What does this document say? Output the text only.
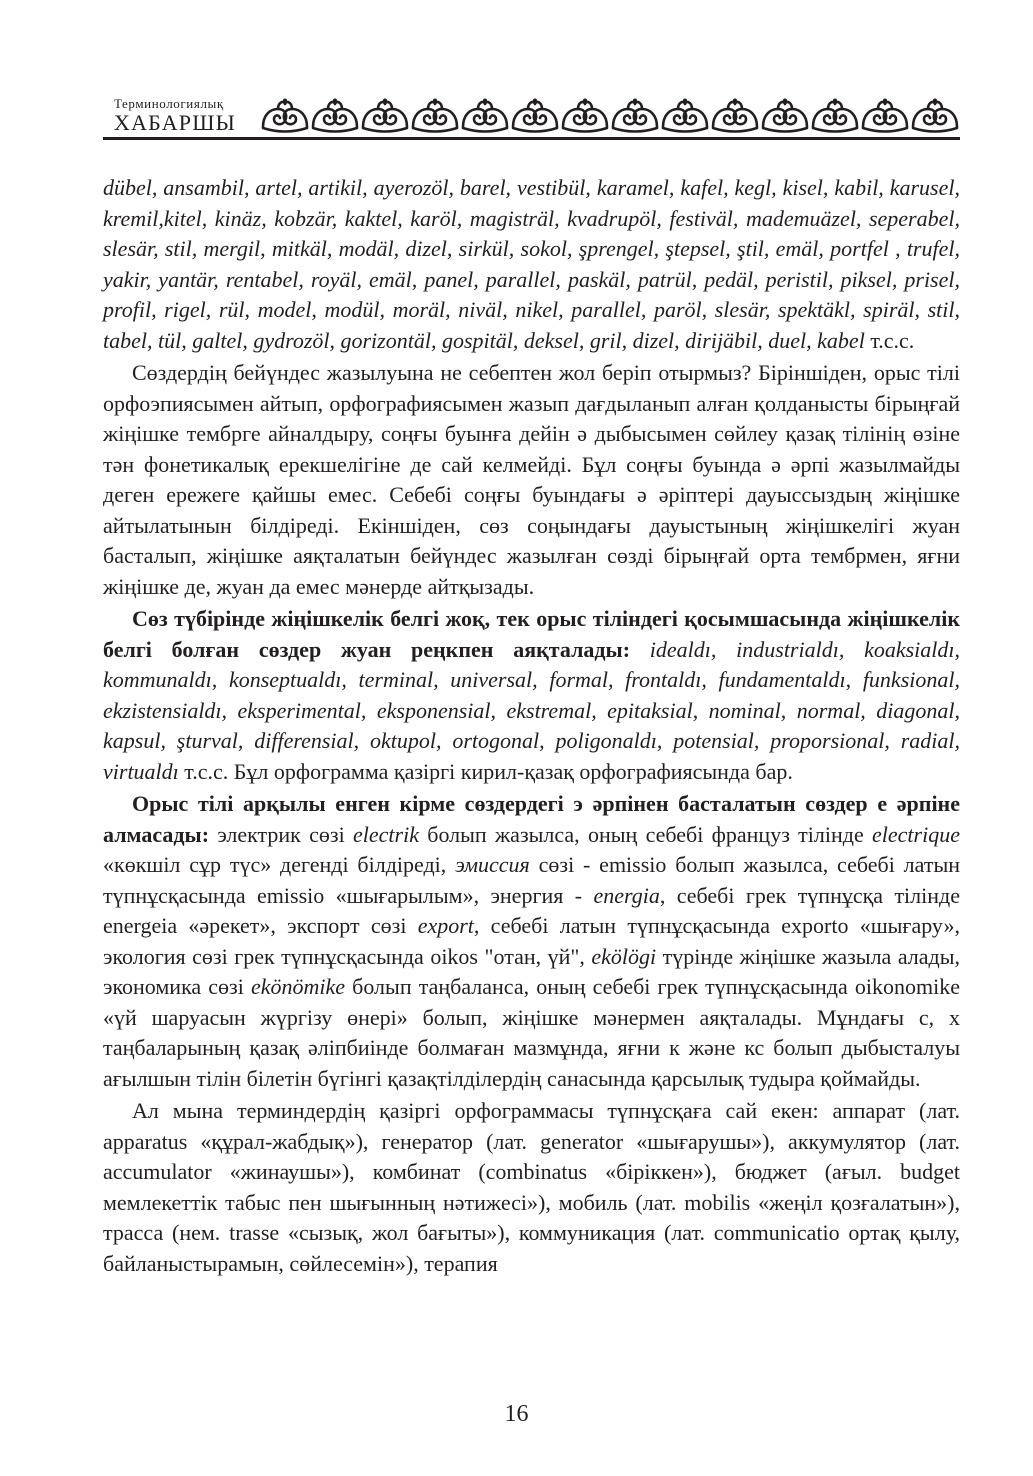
Терминологиялық
ХАБАРШЫ

dübel, ansambil, artel, artikil, ayerozöl, barel, vestibül, karamel, kafel, kegl, kisel, kabil, karusel, kremil,kitel, kinäz, kobzär, kaktel, karöl, magisträl, kvadrupöl, festiväl, mademuäzel, seperabel, slesär, stil, mergil, mitkäl, modäl, dizel, sirkül, sokol, şprengel, ştepsel, ştil, emäl, portfel , trufel, yakir, yantär, rentabel, royäl, emäl, panel, parallel, paskäl, patrül, pedäl, peristil, piksel, prisel, profil, rigel, rül, model, modül, moräl, niväl, nikel, parallel, paröl, slesär, spektäkl, spiräl, stil, tabel, tül, galtel, gydrozöl, gorizontäl, gospitäl, deksel, gril, dizel, dirijäbil, duel, kabel т.с.с.

Сөздердің бейүндес жазылуына не себептен жол беріп отырмыз? Біріншіден, орыс тілі орфоэпиясымен айтып, орфографиясымен жазып дағдыланып алған қолданысты бірыңғай жіңішке тембрге айналдыру, соңғы буынға дейін ә дыбысымен сөйлеу қазақ тілінің өзіне тән фонетикалық ерекшелігіне де сай келмейді. Бұл соңғы буында ә әрпі жазылмайды деген ережеге қайшы емес. Себебі соңғы буындағы ә әріптері дауыссыздың жіңішке айтылатынын білдіреді. Екіншіден, сөз соңындағы дауыстының жіңішкелігі жуан басталып, жіңішке аяқталатын бейүндес жазылған сөзді бірыңғай орта тембрмен, яғни жіңішке де, жуан да емес мәнерде айтқызады.

Сөз түбірінде жіңішкелік белгі жоқ, тек орыс тіліндегі қосымшасында жіңішкелік белгі болған сөздер жуан реңкпен аяқталады: idealdı, industrialdı, koaksialdı, kommunaldı, konseptualdı, terminal, universal, formal, frontaldı, fundamentaldı, funksional, ekzistensialdı, eksperimental, eksponensial, ekstremal, epitaksial, nominal, normal, diagonal, kapsul, şturval, differensial, oktupol, ortogonal, poligonaldı, potensial, proporsional, radial, virtualdı т.с.с. Бұл орфограмма қазіргі кирил-қазақ орфографиясында бар.

Орыс тілі арқылы енген кірме сөздердегі э әрпінен басталатын сөздер е әрпіне алмасады: электрик сөзі electrik болып жазылса, оның себебі француз тілінде electrique «көкшіл сұр түс» дегенді білдіреді, эмиссия сөзі - emissio болып жазылса, себебі латын түпнұсқасында emissio «шығарылым», энергия - energia, себебі грек түпнұсқа тілінде energeia «әрекет», экспорт сөзі export, себебі латын түпнұсқасында exporto «шығару», экология сөзі грек түпнұсқасында oikos "отан, үй", ekölögi түрінде жіңішке жазыла алады, экономика сөзі ekönömike болып таңбаланса, оның себебі грек түпнұсқасында oikonomike «үй шаруасын жүргізу өнері» болып, жіңішке мәнермен аяқталады. Мұндағы с, х таңбаларының қазақ әліпбиінде болмаған мазмұнда, яғни к және кс болып дыбысталуы ағылшын тілін білетін бүгінгі қазақтілділердің санасында қарсылық тудыра қоймайды.

Ал мына терминдердің қазіргі орфограммасы түпнұсқаға сай екен: аппарат (лат. apparatus «құрал-жабдық»), генератор (лат. generator «шығарушы»), аккумулятор (лат. accumulator «жинаушы»), комбинат (combinatus «біріккен»), бюджет (ағыл. budget мемлекеттік табыс пен шығынның нәтижесі»), мобиль (лат. mobilis «жеңіл қозғалатын»), трасса (нем. trasse «сызық, жол бағыты»), коммуникация (лат. communicatio ортақ қылу, байланыстырамын, сөйлесемін»), терапия

16
